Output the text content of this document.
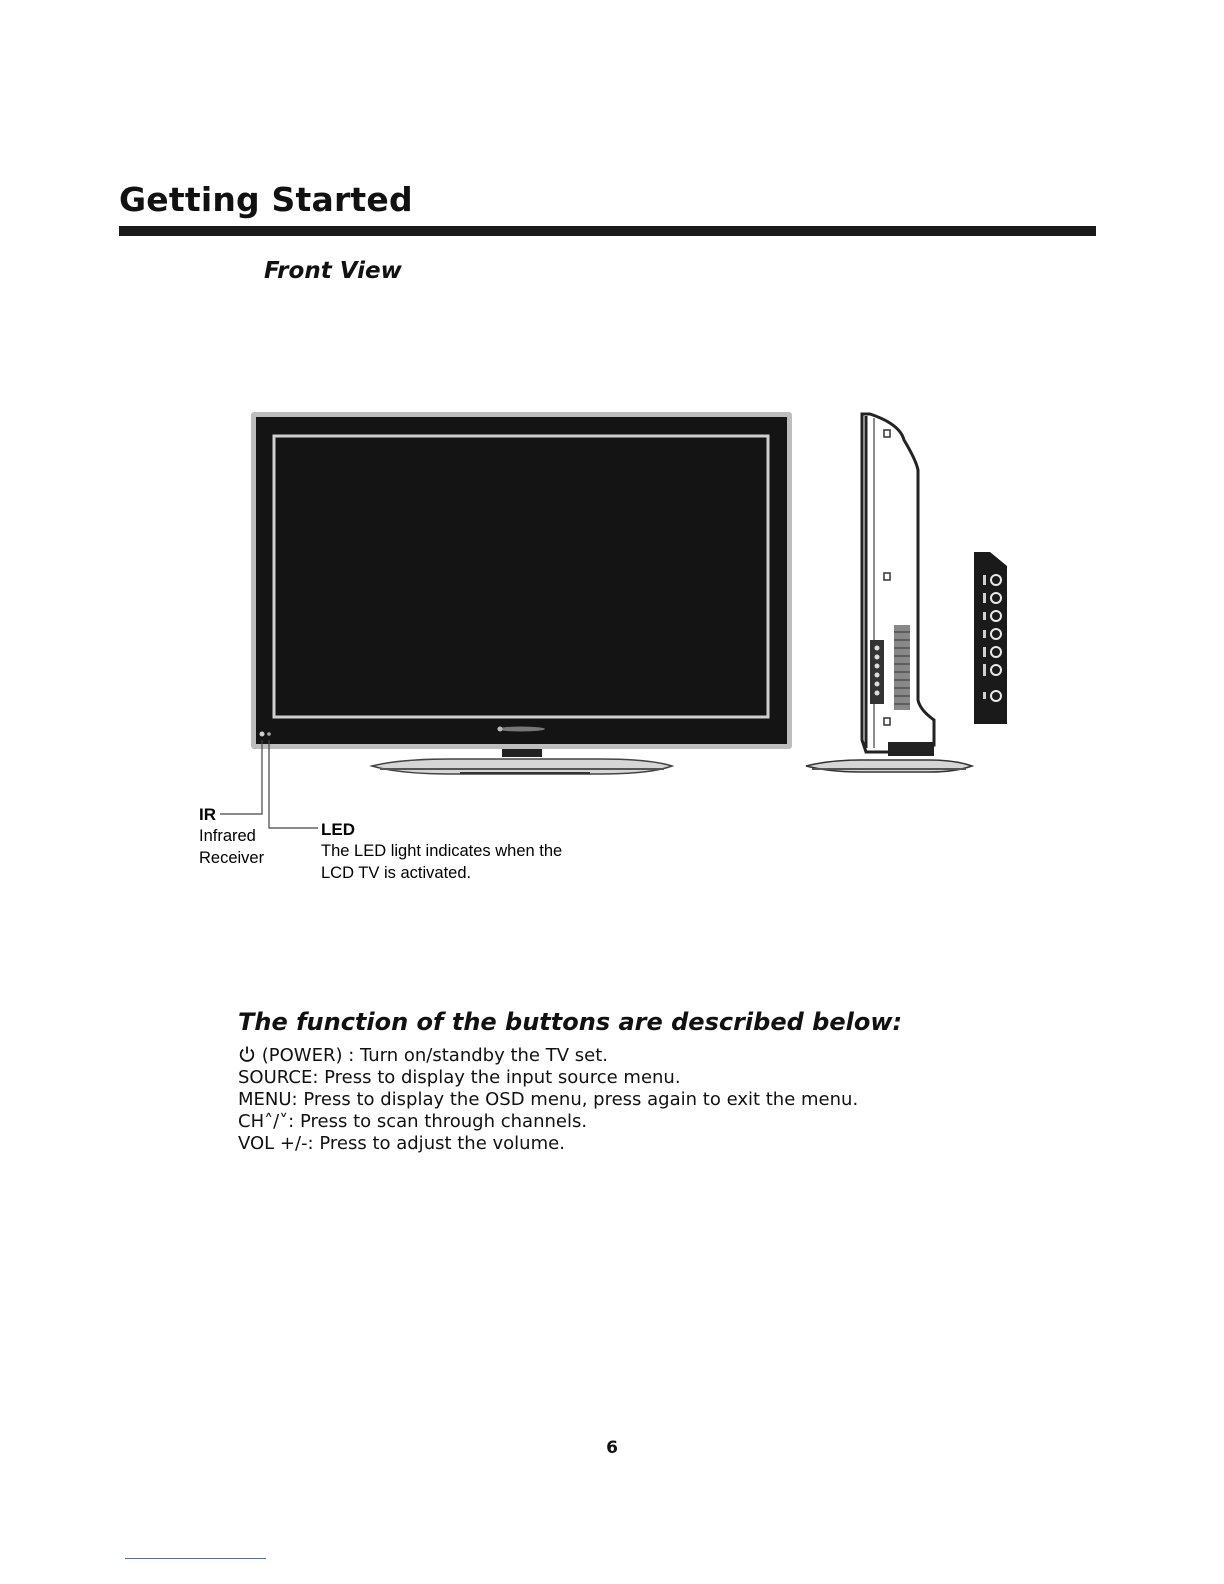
Getting Started
Front View
IR
Infrared
Receiver
LED
The LED light indicates when the
LCD TV is activated.
The function of the buttons are described below:
(POWER) : Turn on/standby the TV set.
SOURCE: Press to display the input source menu.
MENU: Press to display the OSD menu, press again to exit the menu.
CH˄/˅: Press to scan through channels.
VOL +/-: Press to adjust the volume.
6
